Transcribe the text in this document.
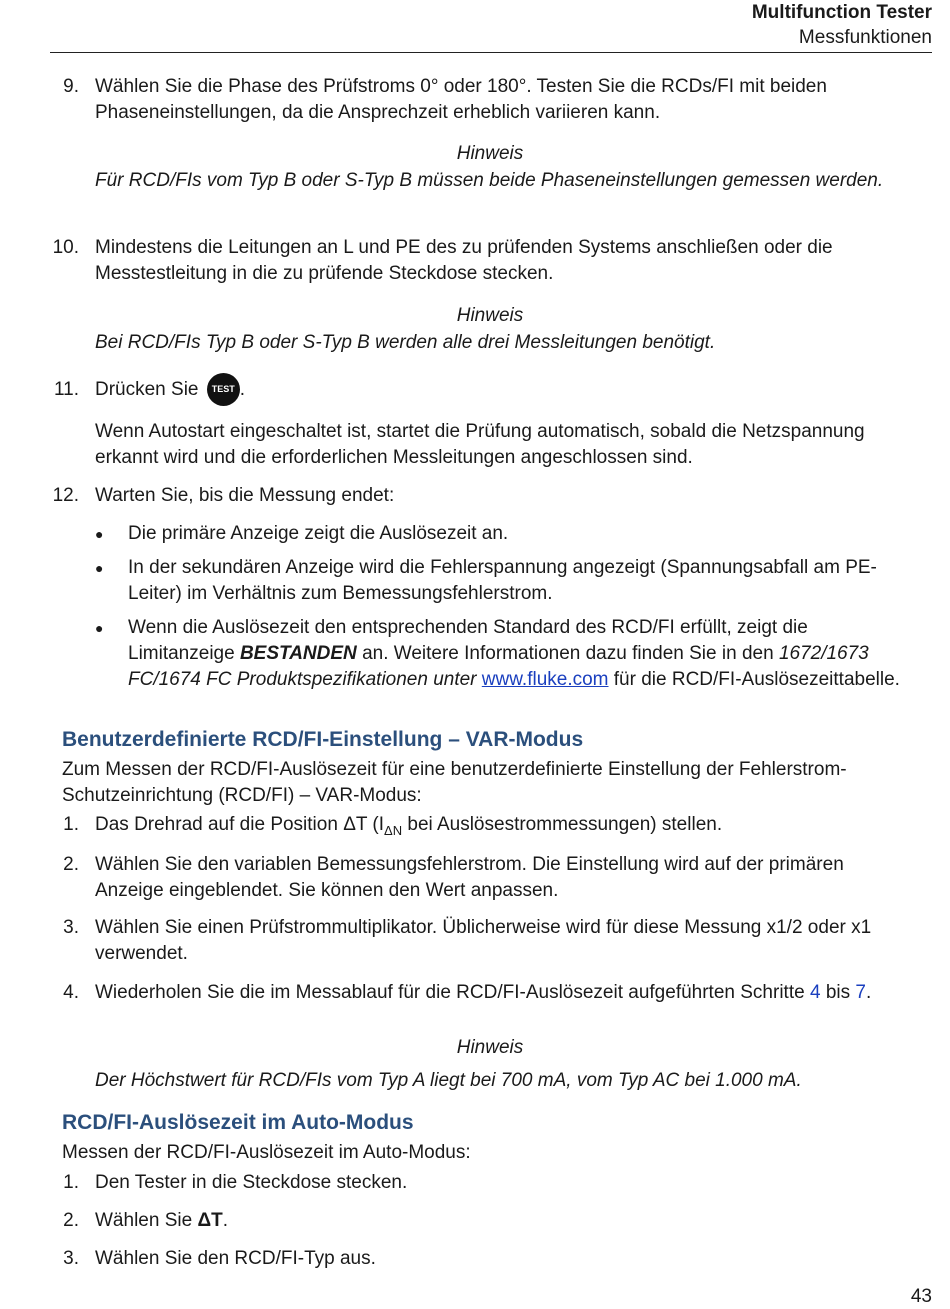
Multifunction Tester
Messfunktionen
9. Wählen Sie die Phase des Prüfstroms 0° oder 180°. Testen Sie die RCDs/FI mit beiden Phaseneinstellungen, da die Ansprechzeit erheblich variieren kann.
Hinweis
Für RCD/FIs vom Typ B oder S-Typ B müssen beide Phaseneinstellungen gemessen werden.
10. Mindestens die Leitungen an L und PE des zu prüfenden Systems anschließen oder die Messtestleitung in die zu prüfende Steckdose stecken.
Hinweis
Bei RCD/FIs Typ B oder S-Typ B werden alle drei Messleitungen benötigt.
11. Drücken Sie TEST .
Wenn Autostart eingeschaltet ist, startet die Prüfung automatisch, sobald die Netzspannung erkannt wird und die erforderlichen Messleitungen angeschlossen sind.
12. Warten Sie, bis die Messung endet:
● Die primäre Anzeige zeigt die Auslösezeit an.
● In der sekundären Anzeige wird die Fehlerspannung angezeigt (Spannungsabfall am PE-Leiter) im Verhältnis zum Bemessungsfehlerstrom.
● Wenn die Auslösezeit den entsprechenden Standard des RCD/FI erfüllt, zeigt die Limitanzeige BESTANDEN an. Weitere Informationen dazu finden Sie in den 1672/1673 FC/1674 FC Produktspezifikationen unter www.fluke.com für die RCD/FI-Auslösezeittabelle.
Benutzerdefinierte RCD/FI-Einstellung – VAR-Modus
Zum Messen der RCD/FI-Auslösezeit für eine benutzerdefinierte Einstellung der Fehlerstrom-Schutzeinrichtung (RCD/FI) – VAR-Modus:
1. Das Drehrad auf die Position ΔT ($I_{\Delta N}$ bei Auslösestrommessungen) stellen.
2. Wählen Sie den variablen Bemessungsfehlerstrom. Die Einstellung wird auf der primären Anzeige eingeblendet. Sie können den Wert anpassen.
3. Wählen Sie einen Prüfstrommultiplikator. Üblicherweise wird für diese Messung x1/2 oder x1 verwendet.
4. Wiederholen Sie die im Messablauf für die RCD/FI-Auslösezeit aufgeführten Schritte 4 bis 7.
Hinweis
Der Höchstwert für RCD/FIs vom Typ A liegt bei 700 mA, vom Typ AC bei 1.000 mA.
RCD/FI-Auslösezeit im Auto-Modus
Messen der RCD/FI-Auslösezeit im Auto-Modus:
1. Den Tester in die Steckdose stecken.
2. Wählen Sie ΔT.
3. Wählen Sie den RCD/FI-Typ aus.
43
